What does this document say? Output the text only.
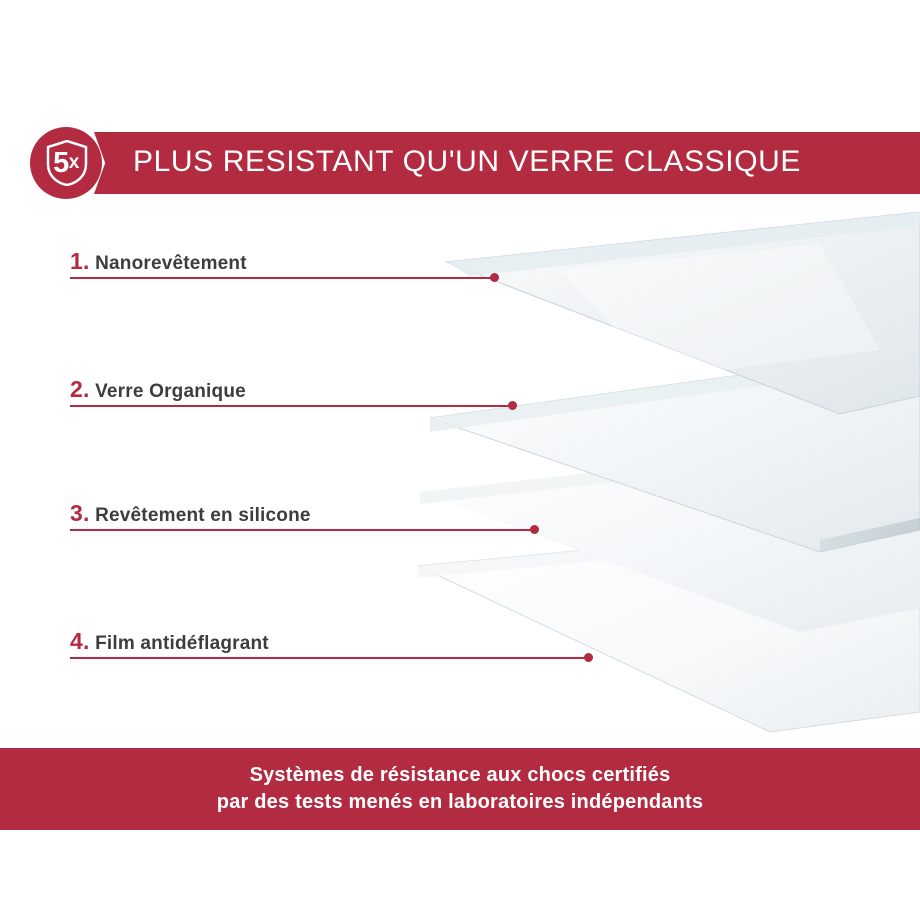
5 x PLUS RESISTANT QU'UN VERRE CLASSIQUE
1. Nanorevêtement
2. Verre Organique
3. Revêtement en silicone
4. Film antidéflagrant
Systèmes de résistance aux chocs certifiés
par des tests menés en laboratoires indépendants
